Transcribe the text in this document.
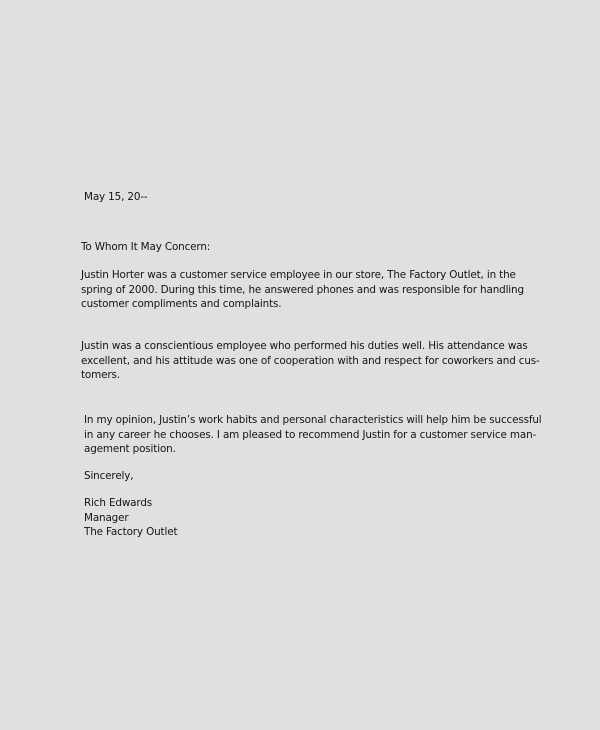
May 15, 20--

To Whom It May Concern:

Justin Horter was a customer service employee in our store, The Factory Outlet, in the
spring of 2000. During this time, he answered phones and was responsible for handling
customer compliments and complaints.
Justin was a conscientious employee who performed his duties well. His attendance was
excellent, and his attitude was one of cooperation with and respect for coworkers and cus-
tomers.
In my opinion, Justin’s work habits and personal characteristics will help him be successful
in any career he chooses. I am pleased to recommend Justin for a customer service man-
agement position.

Sincerely,

Rich Edwards
Manager
The Factory Outlet
